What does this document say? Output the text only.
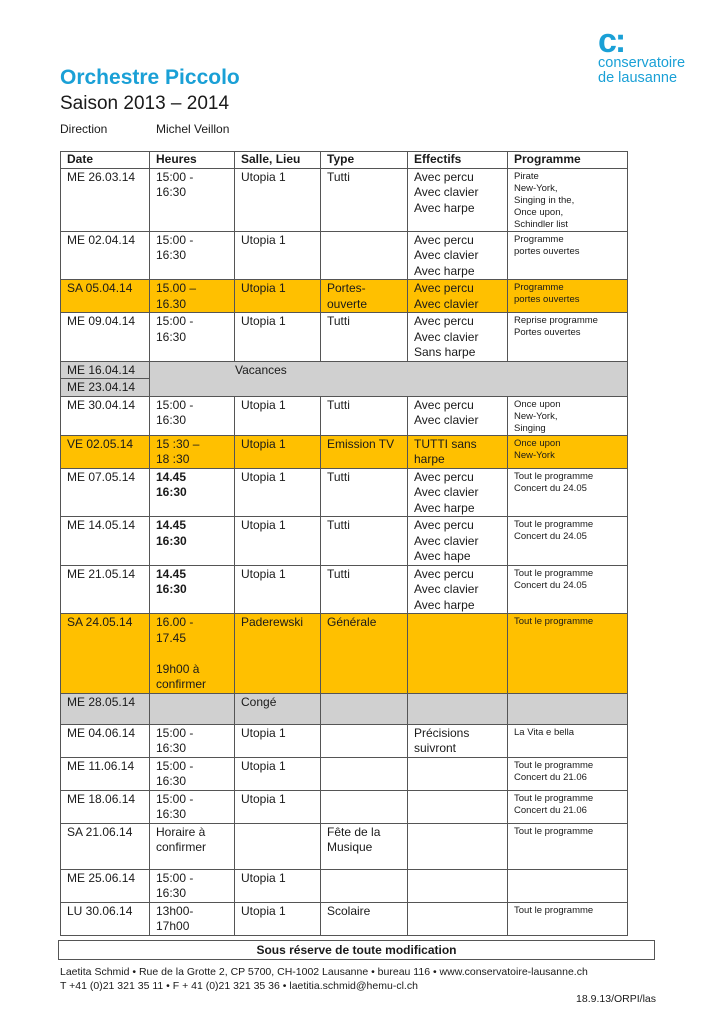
c:
conservatoire
de lausanne
Orchestre Piccolo
Saison 2013 – 2014
Direction	Michel Veillon
Date	Heures	Salle, Lieu	Type	Effectifs	Programme
ME 26.03.14	15:00 -
16:30	Utopia 1	Tutti	Avec percu
Avec clavier
Avec harpe	Pirate
New-York,
Singing in the,
Once upon,
Schindler list

ME 02.04.14	15:00 -
16:30	Utopia 1		Avec percu
Avec clavier
Avec harpe	Programme
portes ouvertes

SA 05.04.14	15.00 –
16.30	Utopia 1	Portes-ouverte	Avec percu
Avec clavier	Programme
portes ouvertes

ME 09.04.14	15:00 -
16:30	Utopia 1	Tutti	Avec percu
Avec clavier
Sans harpe	Reprise programme
Portes ouvertes

ME 16.04.14	Vacances				

ME 23.04.14					
ME 30.04.14	15:00 -
16:30	Utopia 1	Tutti	Avec percu
Avec clavier	Once upon
New-York,
Singing

VE 02.05.14	15 :30 –
18 :30	Utopia 1	Emission TV	TUTTI sans
harpe	Once upon
New-York

ME 07.05.14	14.45
16:30	Utopia 1	Tutti	Avec percu
Avec clavier
Avec harpe	Tout le programme
Concert du 24.05

ME 14.05.14	14.45
16:30	Utopia 1	Tutti	Avec percu
Avec clavier
Avec hape	Tout le programme
Concert du 24.05

ME 21.05.14	14.45
16:30	Utopia 1	Tutti	Avec percu
Avec clavier
Avec harpe	Tout le programme
Concert du 24.05

SA 24.05.14	16.00 -
17.45

19h00 à
confirmer	Paderewski	Générale		Tout le programme

ME 28.05.14		Congé			
ME 04.06.14	15:00 -
16:30	Utopia 1		Précisions
suivront	La Vita e bella

ME 11.06.14	15:00 -
16:30	Utopia 1			Tout le programme
Concert du 21.06

ME 18.06.14	15:00 -
16:30	Utopia 1			Tout le programme
Concert du 21.06

SA 21.06.14	Horaire à
confirmer		Fête de la Musique		Tout le programme

ME 25.06.14	15:00 -
16:30	Utopia 1			
LU 30.06.14	13h00-
17h00	Utopia 1	Scolaire		Tout le programme
Sous réserve de toute modification
Laetita Schmid • Rue de la Grotte 2, CP 5700, CH-1002 Lausanne • bureau 116 • www.conservatoire-lausanne.ch
T +41 (0)21 321 35 11 • F + 41 (0)21 321 35 36 • laetitia.schmid@hemu-cl.ch
18.9.13/ORPI/las
